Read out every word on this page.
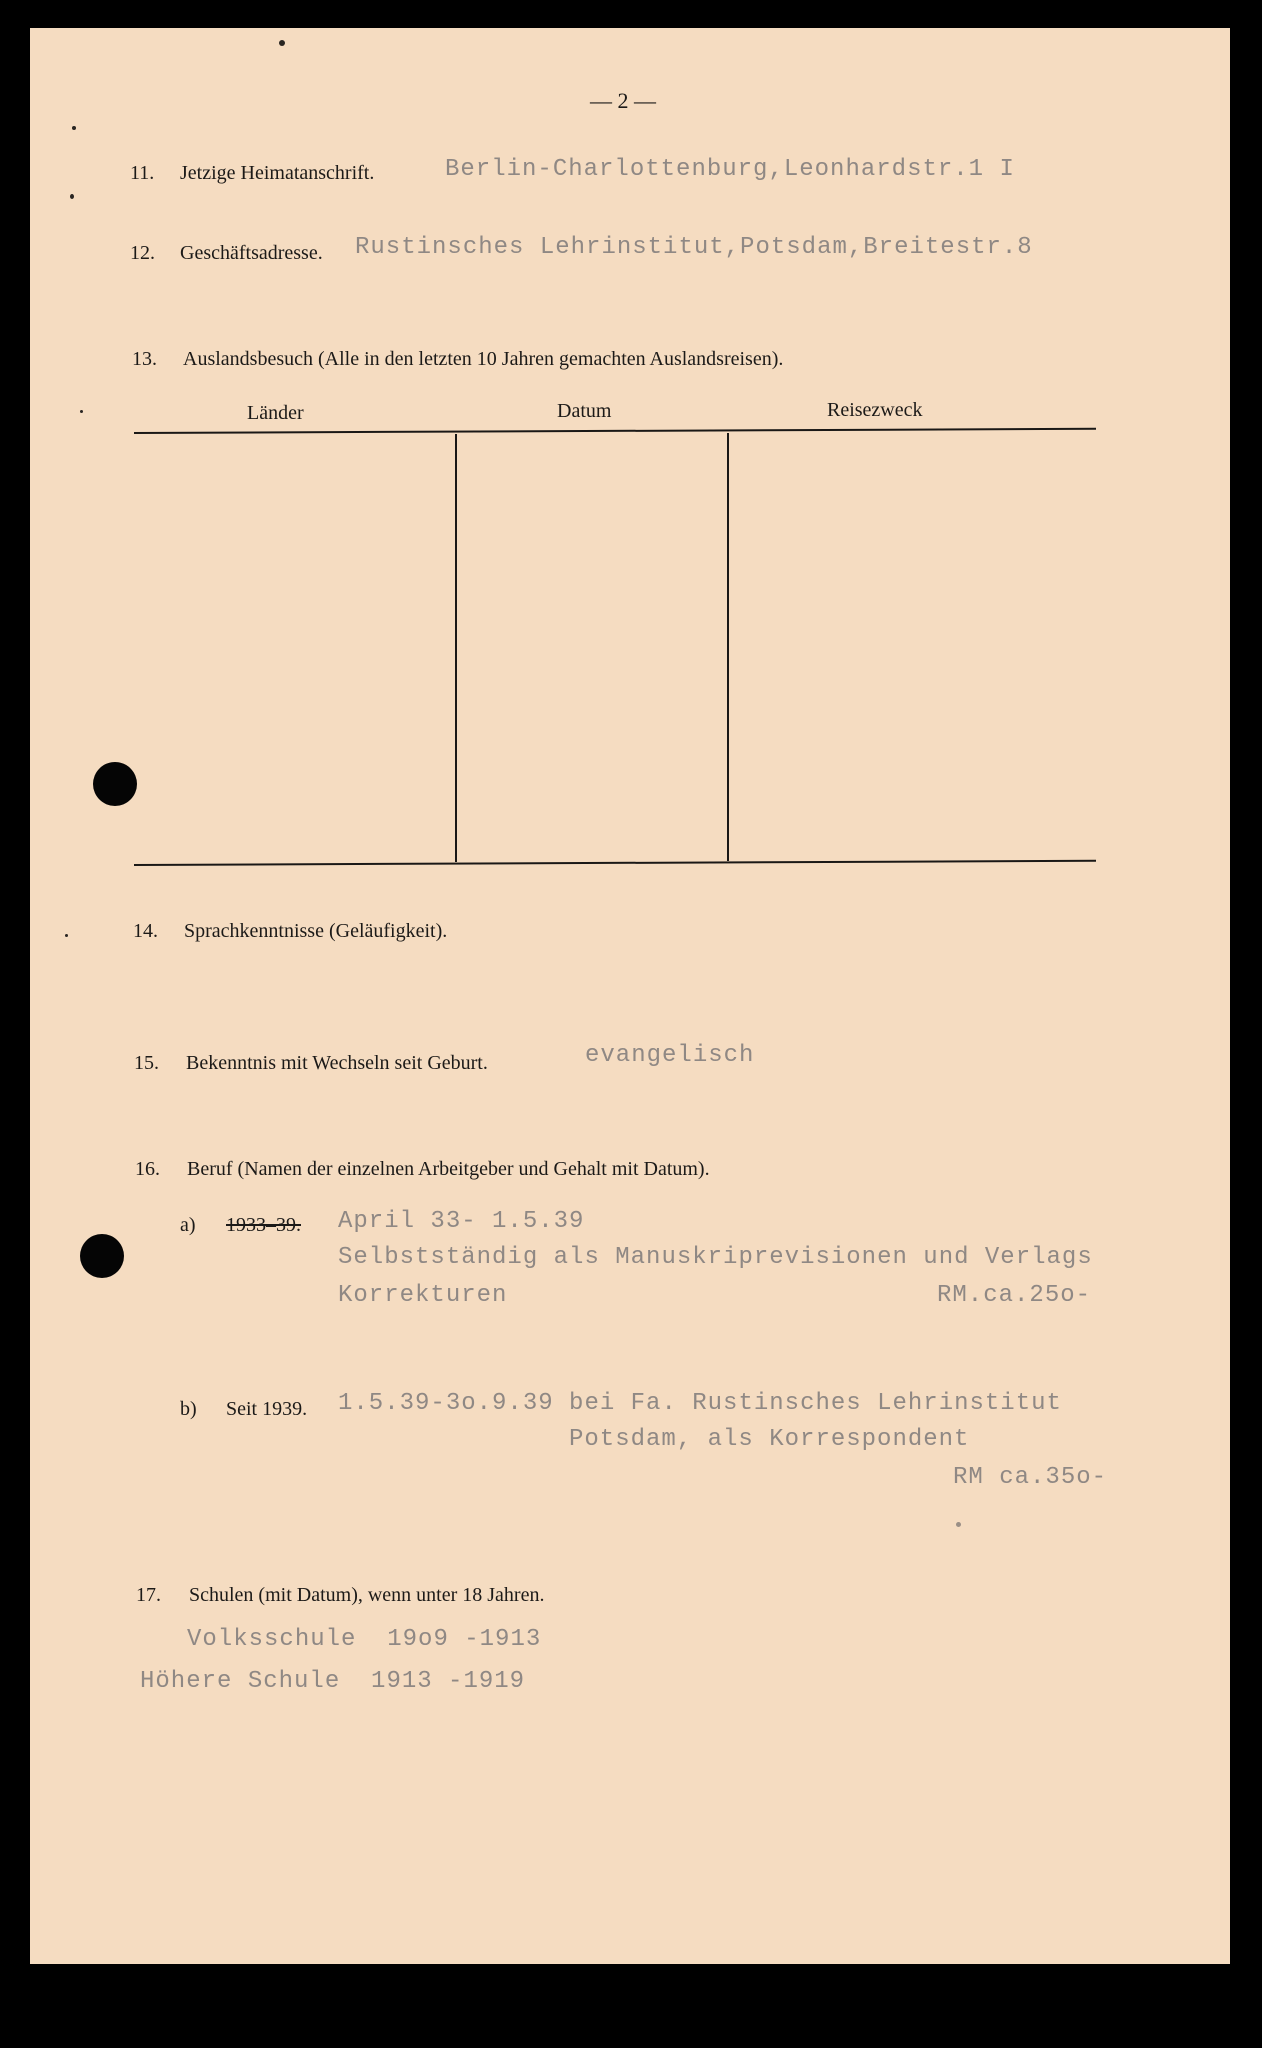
— 2 —
11. Jetzige Heimatanschrift.	Berlin-Charlottenburg,Leonhardstr.1 I
12. Geschäftsadresse. Rustinsches Lehrinstitut,Potsdam,Breitestr.8
13. Auslandsbesuch (Alle in den letzten 10 Jahren gemachten Auslandsreisen).
Länder	Datum	Reisezweck
14. Sprachkenntnisse (Geläufigkeit).
15. Bekenntnis mit Wechseln seit Geburt.	evangelisch
16. Beruf (Namen der einzelnen Arbeitgeber und Gehalt mit Datum).
a) 1933–39. April 33- 1.5.39
Selbstständig als Manuskriprevisionen und Verlags
Korrekturen	RM.ca.25o-
b) Seit 1939. 1.5.39-3o.9.39 bei Fa. Rustinsches Lehrinstitut
Potsdam, als Korrespondent
RM ca.35o-
17. Schulen (mit Datum), wenn unter 18 Jahren.
Volksschule  19o9 -1913
Höhere Schule  1913 -1919
